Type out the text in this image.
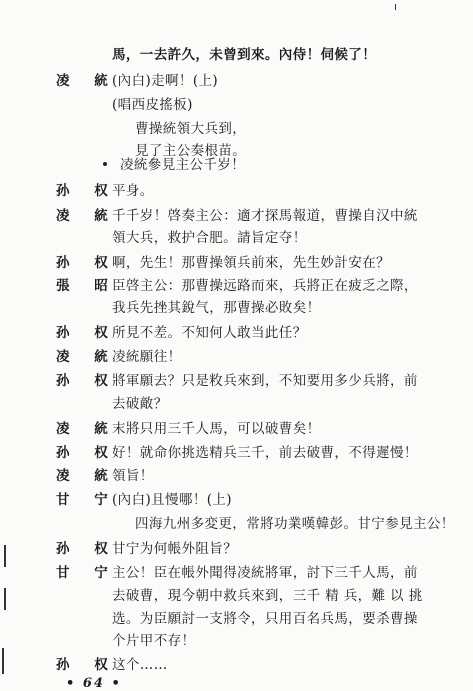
馬，一去許久，未曾到來。內侍！伺候了！
凌 統
(內白)走啊！(上)
(唱西皮搖板)
曹操統領大兵到，
見了主公奏根苗。
凌統參見主公千岁！
孙 权
平身。
凌 統
千千岁！啓奏主公：適才探馬報道，曹操自汉中統
領大兵，救护合肥。請旨定夺！
孙 权
啊，先生！那曹操領兵前來，先生妙計安在？
張 昭
臣啓主公：那曹操远路而來，兵將正在疲乏之際，
我兵先挫其銳气，那曹操必敗矣！
孙 权
所見不差。不知何人敢当此任？
凌 統
凌統願往！
孙 权
將軍願去？只是敉兵來到，不知要用多少兵將，前
去破敵？
凌 統
末將只用三千人馬，可以破曹矣！
孙 权
好！就命你挑选精兵三千，前去破曹，不得遲慢！
凌 統
領旨！
甘 宁
(內白)且慢哪！(上)
四海九州多変更，常將功業嘆韓彭。甘宁参見主公！
孙 权
甘宁为何帳外阻旨？
甘 宁
主公！臣在帳外聞得凌統將軍，討下三千人馬，前
去破曹，現今朝中救兵來到，三千 精 兵，難 以 挑
选。为臣願討一支將令，只用百名兵馬，要杀曹操
个片甲不存！
孙 权
这个……
• 64 •
